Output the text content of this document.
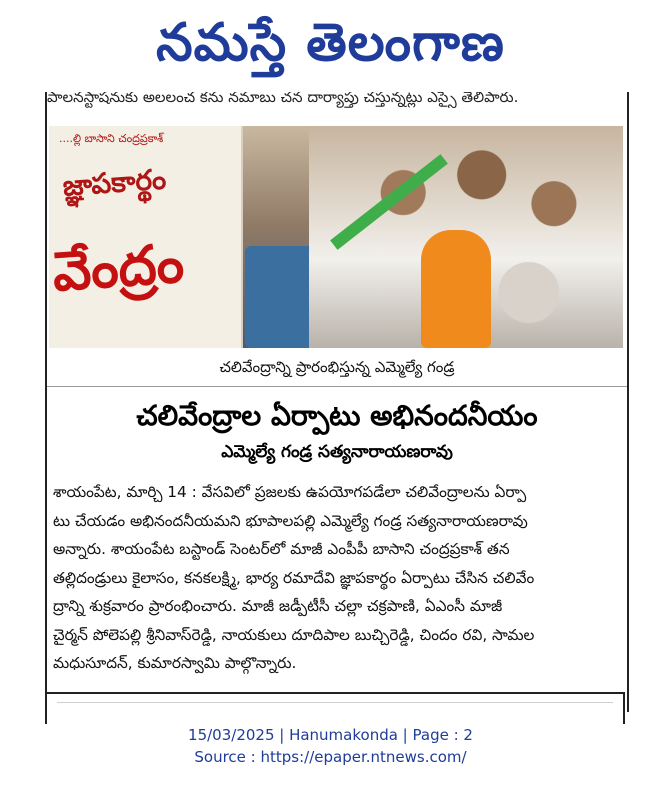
నమస్తే తెలంగాణ
పాలనస్టాషనుకు అలలంచ కను నమాబు చన దార్యాప్తు చస్తున్నట్లు ఎస్సై తెలిపారు.
....ల్లి బాసాని చంద్రప్రకాశ్
జ్ఞాపకార్థం
వేంద్రం
చలివేంద్రాన్ని ప్రారంభిస్తున్న ఎమ్మెల్యే గండ్ర
చలివేంద్రాల ఏర్పాటు అభినందనీయం
ఎమ్మెల్యే గండ్ర సత్యనారాయణరావు
శాయంపేట, మార్చి 14 : వేసవిలో ప్రజలకు ఉపయోగపడేలా చలివేంద్రాలను ఏర్పా
టు చేయడం అభినందనీయమని భూపాలపల్లి ఎమ్మెల్యే గండ్ర సత్యనారాయణరావు
అన్నారు. శాయంపేట బస్టాండ్ సెంటర్‌లో మాజీ ఎంపీపీ బాసాని చంద్రప్రకాశ్ తన
తల్లిదండ్రులు కైలాసం, కనకలక్ష్మి, భార్య రమాదేవి జ్ఞాపకార్థం ఏర్పాటు చేసిన చలివేం
ద్రాన్ని శుక్రవారం ప్రారంభించారు. మాజీ జడ్పీటీసీ చల్లా చక్రపాణి, ఏఎంసీ మాజీ
చైర్మన్ పోలెపల్లి శ్రీనివాస్‌రెడ్డి, నాయకులు దూదిపాల బుచ్చిరెడ్డి, చిందం రవి, సామల
మధుసూదన్, కుమారస్వామి పాల్గొన్నారు.
15/03/2025 | Hanumakonda | Page : 2
Source : https://epaper.ntnews.com/
